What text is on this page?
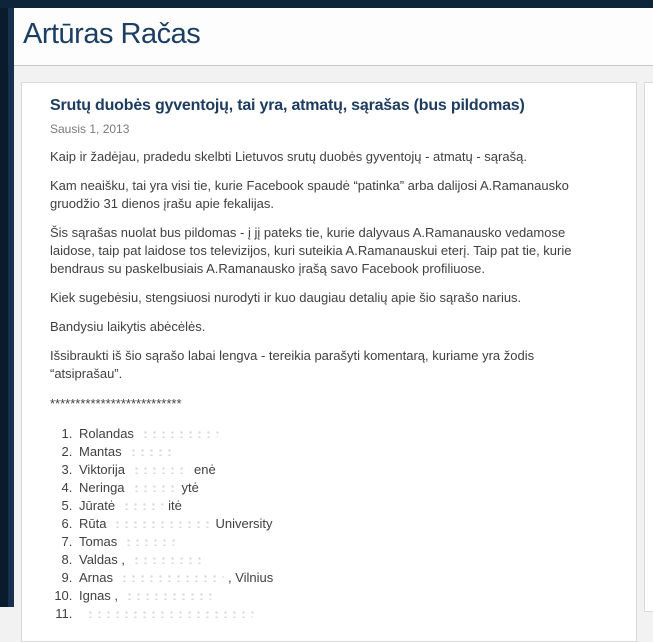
Artūras Račas
Srutų duobės gyventojų, tai yra, atmatų, sąrašas (bus pildomas)
Sausis 1, 2013

Kaip ir žadėjau, pradedu skelbti Lietuvos srutų duobės gyventojų - atmatų - sąrašą.

Kam neaišku, tai yra visi tie, kurie Facebook spaudė “patinka” arba dalijosi A.Ramanausko gruodžio 31 dienos įrašu apie fekalijas.

Šis sąrašas nuolat bus pildomas - į jį pateks tie, kurie dalyvaus A.Ramanausko vedamose laidose, taip pat laidose tos televizijos, kuri suteikia A.Ramanauskui eterį. Taip pat tie, kurie bendraus su paskelbusiais A.Ramanausko įrašą savo Facebook profiliuose.

Kiek sugebėsiu, stengsiuosi nurodyti ir kuo daugiau detalių apie šio sąrašo narius.

Bandysiu laikytis abėcėlės.

Išsibraukti iš šio sąrašo labai lengva - tereikia parašyti komentarą, kuriame yra žodis “atsiprašau”.

**************************
1. Rolandas
2. Mantas
3. Viktorija	enė
4. Neringa	ytė
5. Jūratė	itė
6. Rūta	University
7. Tomas
8. Valdas ,
9. Arnas	, Vilnius
10. Ignas ,
11.
